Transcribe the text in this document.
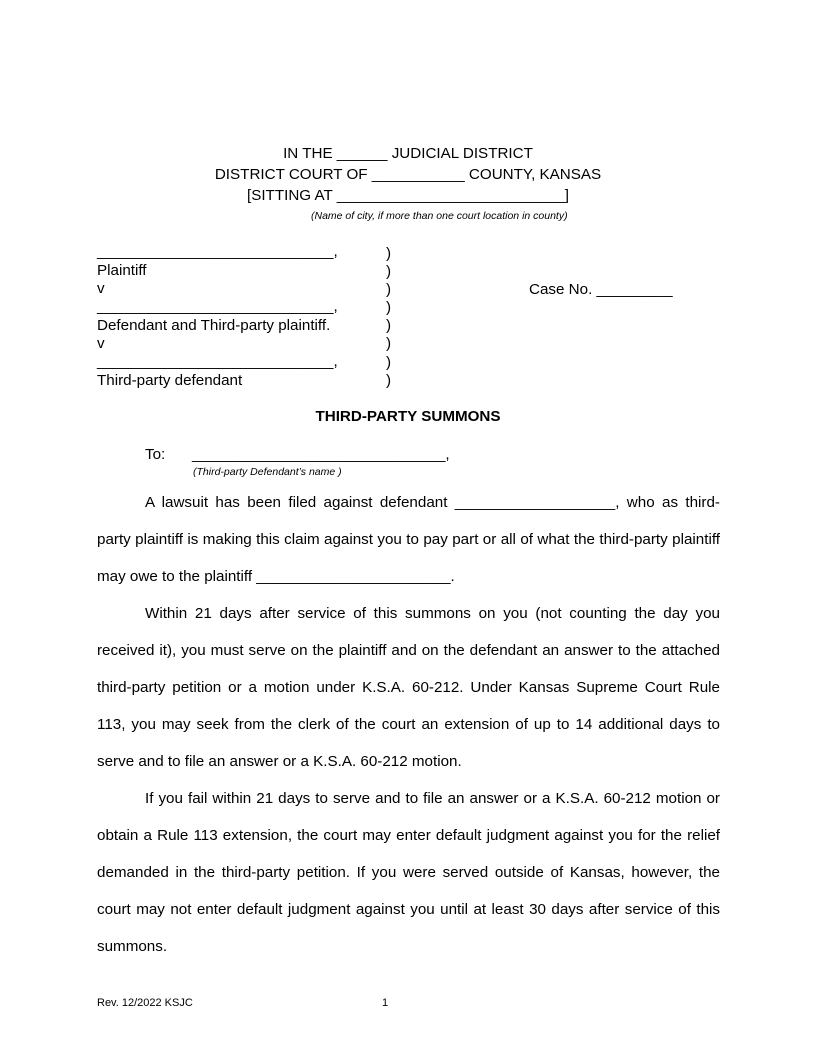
IN THE ______ JUDICIAL DISTRICT
DISTRICT COURT OF ___________ COUNTY, KANSAS
[SITTING AT ___________________________]
(Name of city, if more than one court location in county)
____________________________,
Plaintiff
v
____________________________,
Defendant and Third-party plaintiff.
v
____________________________,
Third-party defendant
)
)
)
)
)
)
)
)
Case No. _________
THIRD-PARTY SUMMONS
To: ______________________________,
(Third-party Defendant’s name )
A lawsuit has been filed against defendant ___________________, who as third-party plaintiff is making this claim against you to pay part or all of what the third-party plaintiff may owe to the plaintiff _______________________.
Within 21 days after service of this summons on you (not counting the day you received it), you must serve on the plaintiff and on the defendant an answer to the attached third-party petition or a motion under K.S.A. 60-212. Under Kansas Supreme Court Rule 113, you may seek from the clerk of the court an extension of up to 14 additional days to serve and to file an answer or a K.S.A. 60-212 motion.
If you fail within 21 days to serve and to file an answer or a K.S.A. 60-212 motion or obtain a Rule 113 extension, the court may enter default judgment against you for the relief demanded in the third-party petition. If you were served outside of Kansas, however, the court may not enter default judgment against you until at least 30 days after service of this summons.
Rev. 12/2022 KSJC	1
